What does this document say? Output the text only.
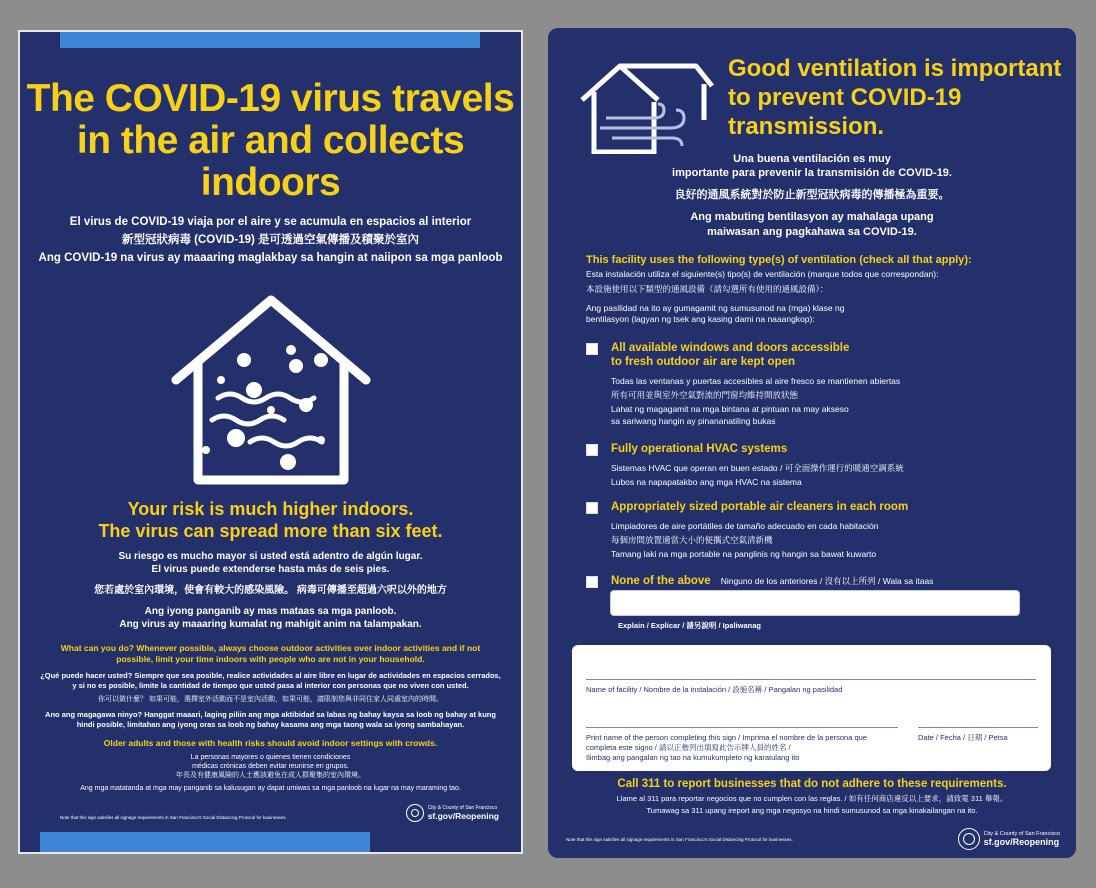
The COVID-19 virus travels in the air and collects indoors
El virus de COVID-19 viaja por el aire y se acumula en espacios al interior
新型冠狀病毒 (COVID-19) 是可透過空氣傳播及積聚於室內
Ang COVID-19 na virus ay maaaring maglakbay sa hangin at naiipon sa mga panloob
Your risk is much higher indoors.
The virus can spread more than six feet.
Su riesgo es mucho mayor si usted está adentro de algún lugar.
El virus puede extenderse hasta más de seis pies.
您若處於室內環境，使會有較大的感染風險。 病毒可傳播至超過六呎以外的地方
Ang iyong panganib ay mas mataas sa mga panloob.
Ang virus ay maaaring kumalat ng mahigit anim na talampakan.
What can you do? Whenever possible, always choose outdoor activities over indoor activities and if not possible, limit your time indoors with people who are not in your household.
¿Qué puede hacer usted? Siempre que sea posible, realice actividades al aire libre en lugar de actividades en espacios cerrados, y si no es posible, limite la cantidad de tiempo que usted pasa al interior con personas que no viven con usted.
你可以做什麼？ 如果可能，選擇室外活動而不是室內活動，如果可能，請限制您與非同住家人同處室內的時間。
Ano ang magagawa ninyo? Hanggat maaari, laging piliin ang mga aktibidad sa labas ng bahay kaysa sa loob ng bahay at kung hindi posible, limitahan ang iyong oras sa loob ng bahay kasama ang mga taong wala sa iyong sambahayan.
Older adults and those with health risks should avoid indoor settings with crowds.
La personas mayores o quienes tienen condiciones
médicas crónicas deben evitar reunirse en grupos.
年長及有健康風險的人士應該避免在成人群聚集的室內環境。
Ang mga matatanda at mga may panganib sa kalusugan ay dapat umiwas sa mga panloob na lugar na may maraming tao.
Note that this sign satisfies all signage requirements in San Francisco's Social Distancing Protocol for businesses.
City & County of San Francisco
sf.gov/Reopening
Good ventilation is important to prevent COVID-19 transmission.
Una buena ventilación es muy
importante para prevenir la transmisión de COVID-19.
良好的通風系統對於防止新型冠狀病毒的傳播極為重要。
Ang mabuting bentilasyon ay mahalaga upang
maiwasan ang pagkahawa sa COVID-19.
This facility uses the following type(s) of ventilation (check all that apply):
Esta instalación utiliza el siguiente(s) tipo(s) de ventilación (marque todos que correspondan):
本設施使用以下類型的通風設備（請勾選所有使用的通風設備）：
Ang pasilidad na ito ay gumagamit ng sumusunod na (mga) klase ng
bentilasyon (lagyan ng tsek ang kasing dami na naaangkop):
All available windows and doors accessible
to fresh outdoor air are kept open
Todas las ventanas y puertas accesibles al aire fresco se mantienen abiertas
所有可用並與室外空氣對流的門窗均維持開放狀態
Lahat ng magagamit na mga bintana at pintuan na may akseso
sa sariwang hangin ay pinananatiling bukas
Fully operational HVAC systems
Sistemas HVAC que operan en buen estado / 可全面操作運行的暖通空調系統
Lubos na napapatakbo ang mga HVAC na sistema
Appropriately sized portable air cleaners in each room
Limpiadores de aire portátiles de tamaño adecuado en cada habitación
每個房間放置適當大小的便攜式空氣清新機
Tamang laki na mga portable na panglinis ng hangin sa bawat kuwarto
None of the above Ninguno de los anteriores / 沒有以上所列 / Wala sa itaas
Explain / Explicar / 請另說明 / Ipaliwanag
Name of facility / Nombre de la instalación / 設施名稱 / Pangalan ng pasilidad
Print name of the person completing this sign / Imprima el nombre de la persona que
completa este signo / 請以正楷列出填寫此告示牌人員的姓名 /
Ilimbag ang pangalan ng tao na kumukumpleto ng karatulang ito
Date / Fecha / 日期 / Petsa
Call 311 to report businesses that do not adhere to these requirements.
Llame al 311 para reportar negocios que no cumplen con las reglas. / 如有任何商店違反以上要求，請致電 311 舉報。
Tumawag sa 311 upang ireport ang mga negosyo na hindi sumusunod sa mga kinakailangan na ito.
Note that this sign satisfies all signage requirements in San Francisco's Social Distancing Protocol for businesses.
City & County of San Francisco
sf.gov/Reopening
